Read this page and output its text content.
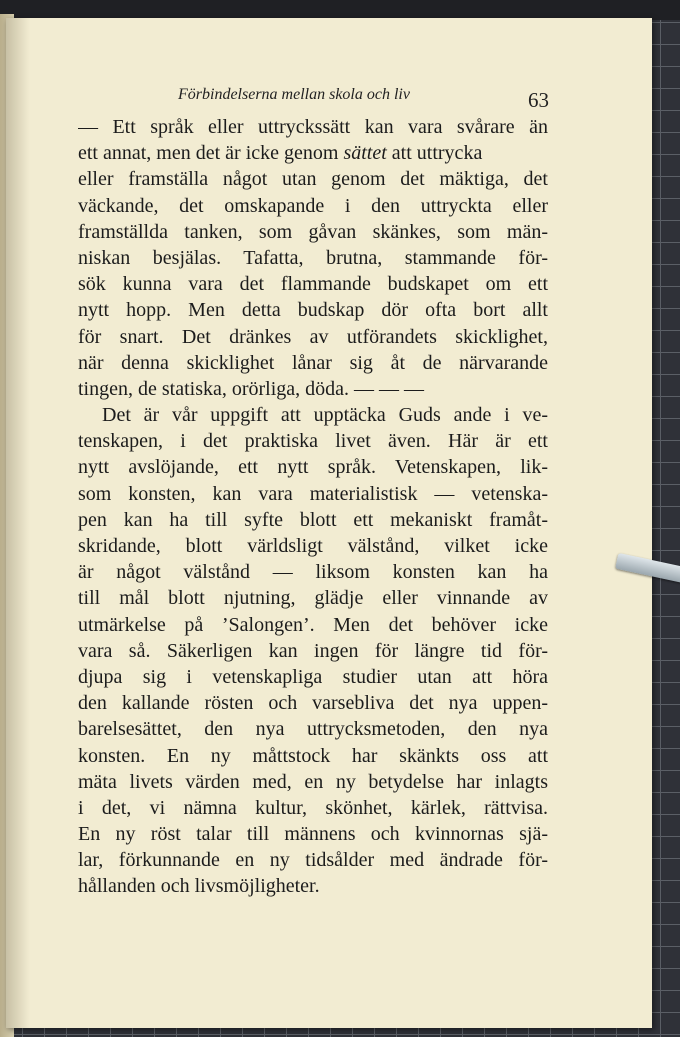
Förbindelserna mellan skola och liv	63
— Ett språk eller uttryckssätt kan vara svårare än
ett annat, men det är icke genom sättet att uttrycka
eller framställa något utan genom det mäktiga, det
väckande, det omskapande i den uttryckta eller
framställda tanken, som gåvan skänkes, som män-
niskan besjälas. Tafatta, brutna, stammande för-
sök kunna vara det flammande budskapet om ett
nytt hopp. Men detta budskap dör ofta bort allt
för snart. Det dränkes av utförandets skicklighet,
när denna skicklighet lånar sig åt de närvarande
tingen, de statiska, orörliga, döda. — — —
Det är vår uppgift att upptäcka Guds ande i ve-
tenskapen, i det praktiska livet även. Här är ett
nytt avslöjande, ett nytt språk. Vetenskapen, lik-
som konsten, kan vara materialistisk — vetenska-
pen kan ha till syfte blott ett mekaniskt framåt-
skridande, blott världsligt välstånd, vilket icke
är något välstånd — liksom konsten kan ha
till mål blott njutning, glädje eller vinnande av
utmärkelse på ’Salongen’. Men det behöver icke
vara så. Säkerligen kan ingen för längre tid för-
djupa sig i vetenskapliga studier utan att höra
den kallande rösten och varsebliva det nya uppen-
barelsesättet, den nya uttrycksmetoden, den nya
konsten. En ny måttstock har skänkts oss att
mäta livets värden med, en ny betydelse har inlagts
i det, vi nämna kultur, skönhet, kärlek, rättvisa.
En ny röst talar till männens och kvinnornas sjä-
lar, förkunnande en ny tidsålder med ändrade för-
hållanden och livsmöjligheter.
